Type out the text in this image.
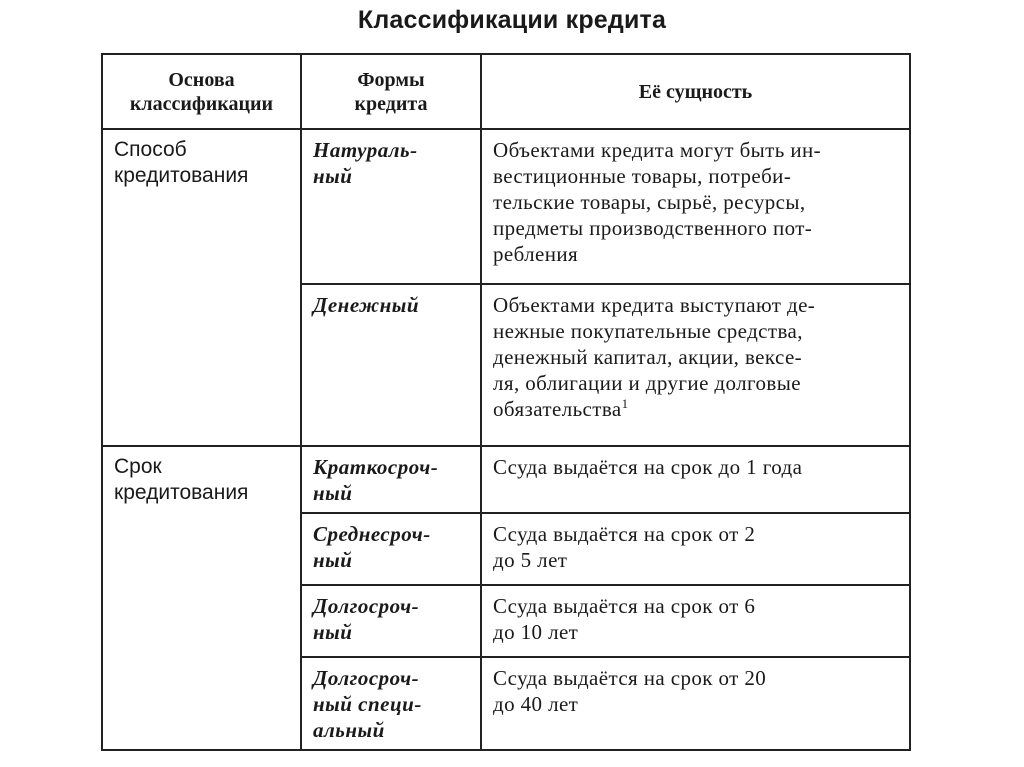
Классификации кредита
Основа
классификации	Формы
кредита	Её сущность

Способ
кредитования	Натураль-
ный	Объектами кредита могут быть ин-
вестиционные товары, потреби-
тельские товары, сырьё, ресурсы,
предметы производственного пот-
ребления

	Денежный	Объектами кредита выступают де-
нежные покупательные средства,
денежный капитал, акции, вексе-
ля, облигации и другие долговые
обязательства$^1$

Срок
кредитования	Краткосроч-
ный	Ссуда выдаётся на срок до 1 года

	Среднесроч-
ный	Ссуда выдаётся на срок от 2
до 5 лет

	Долгосроч-
ный	Ссуда выдаётся на срок от 6
до 10 лет

	Долгосроч-
ный специ-
альный	Ссуда выдаётся на срок от 20
до 40 лет
